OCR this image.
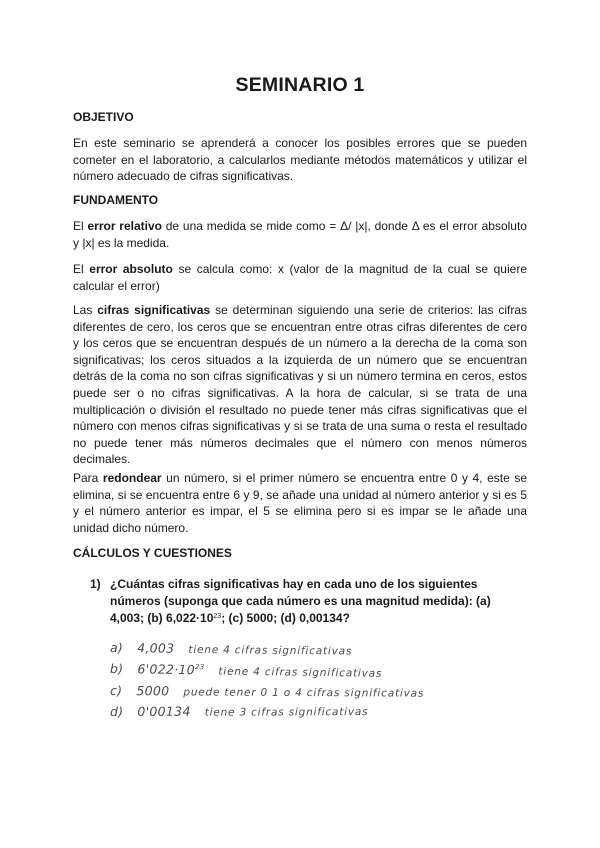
SEMINARIO 1
OBJETIVO

En este seminario se aprenderá a conocer los posibles errores que se pueden cometer en el laboratorio, a calcularlos mediante métodos matemáticos y utilizar el número adecuado de cifras significativas.

FUNDAMENTO

El error relativo de una medida se mide como = Δ/ |x|, donde Δ es el error absoluto y |x| es la medida.

El error absoluto se calcula como: x (valor de la magnitud de la cual se quiere calcular el error)

Las cifras significativas se determinan siguiendo una serie de criterios: las cifras diferentes de cero, los ceros que se encuentran entre otras cifras diferentes de cero y los ceros que se encuentran después de un número a la derecha de la coma son significativas; los ceros situados a la izquierda de un número que se encuentran detrás de la coma no son cifras significativas y si un número termina en ceros, estos puede ser o no cifras significativas. A la hora de calcular, si se trata de una multiplicación o división el resultado no puede tener más cifras significativas que el número con menos cifras significativas y si se trata de una suma o resta el resultado no puede tener más números decimales que el número con menos números decimales.

Para redondear un número, si el primer número se encuentra entre 0 y 4, este se elimina, si se encuentra entre 6 y 9, se añade una unidad al número anterior y si es 5 y el número anterior es impar, el 5 se elimina pero si es impar se le añade una unidad dicho número.

CÁLCULOS Y CUESTIONES
1) ¿Cuántas cifras significativas hay en cada uno de los siguientes números (suponga que cada número es una magnitud medida): (a) 4,003; (b) $6,022\cdot 10^{23}$; (c) 5000; (d) 0,00134?
a) 4,003 tiene 4 cifras significativas
b) $6'022\cdot 10^{23}$ tiene 4 cifras significativas
c) 5000 puede tener 0 1 o 4 cifras significativas
d) 0'00134 tiene 3 cifras significativas
